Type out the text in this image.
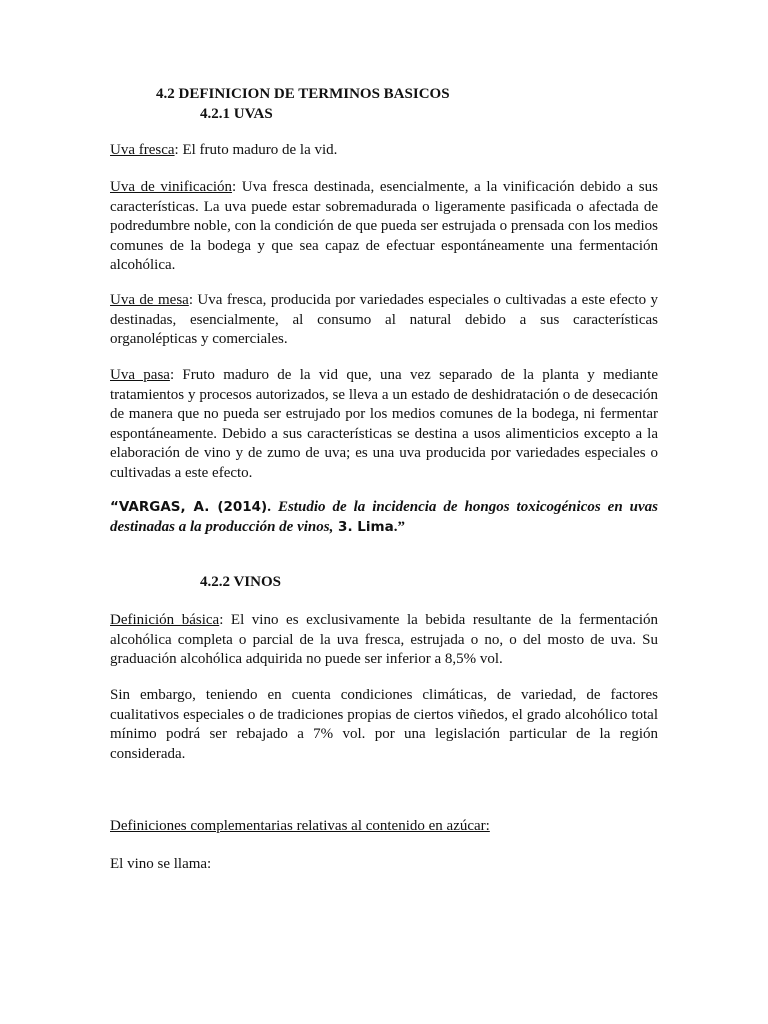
4.2 DEFINICION DE TERMINOS BASICOS
4.2.1 UVAS

Uva fresca: El fruto maduro de la vid.

Uva de vinificación: Uva fresca destinada, esencialmente, a la vinificación debido a sus características. La uva puede estar sobremadurada o ligeramente pasificada o afectada de podredumbre noble, con la condición de que pueda ser estrujada o prensada con los medios comunes de la bodega y que sea capaz de efectuar espontáneamente una fermentación alcohólica.

Uva de mesa: Uva fresca, producida por variedades especiales o cultivadas a este efecto y destinadas, esencialmente, al consumo al natural debido a sus características organolépticas y comerciales.

Uva pasa: Fruto maduro de la vid que, una vez separado de la planta y mediante tratamientos y procesos autorizados, se lleva a un estado de deshidratación o de desecación de manera que no pueda ser estrujado por los medios comunes de la bodega, ni fermentar espontáneamente. Debido a sus características se destina a usos alimenticios excepto a la elaboración de vino y de zumo de uva; es una uva producida por variedades especiales o cultivadas a este efecto.

“VARGAS, A. (2014). Estudio de la incidencia de hongos toxicogénicos en uvas destinadas a la producción de vinos, 3. Lima.”

4.2.2 VINOS

Definición básica: El vino es exclusivamente la bebida resultante de la fermentación alcohólica completa o parcial de la uva fresca, estrujada o no, o del mosto de uva. Su graduación alcohólica adquirida no puede ser inferior a 8,5% vol.

Sin embargo, teniendo en cuenta condiciones climáticas, de variedad, de factores cualitativos especiales o de tradiciones propias de ciertos viñedos, el grado alcohólico total mínimo podrá ser rebajado a 7% vol. por una legislación particular de la región considerada.

Definiciones complementarias relativas al contenido en azúcar:

El vino se llama:
